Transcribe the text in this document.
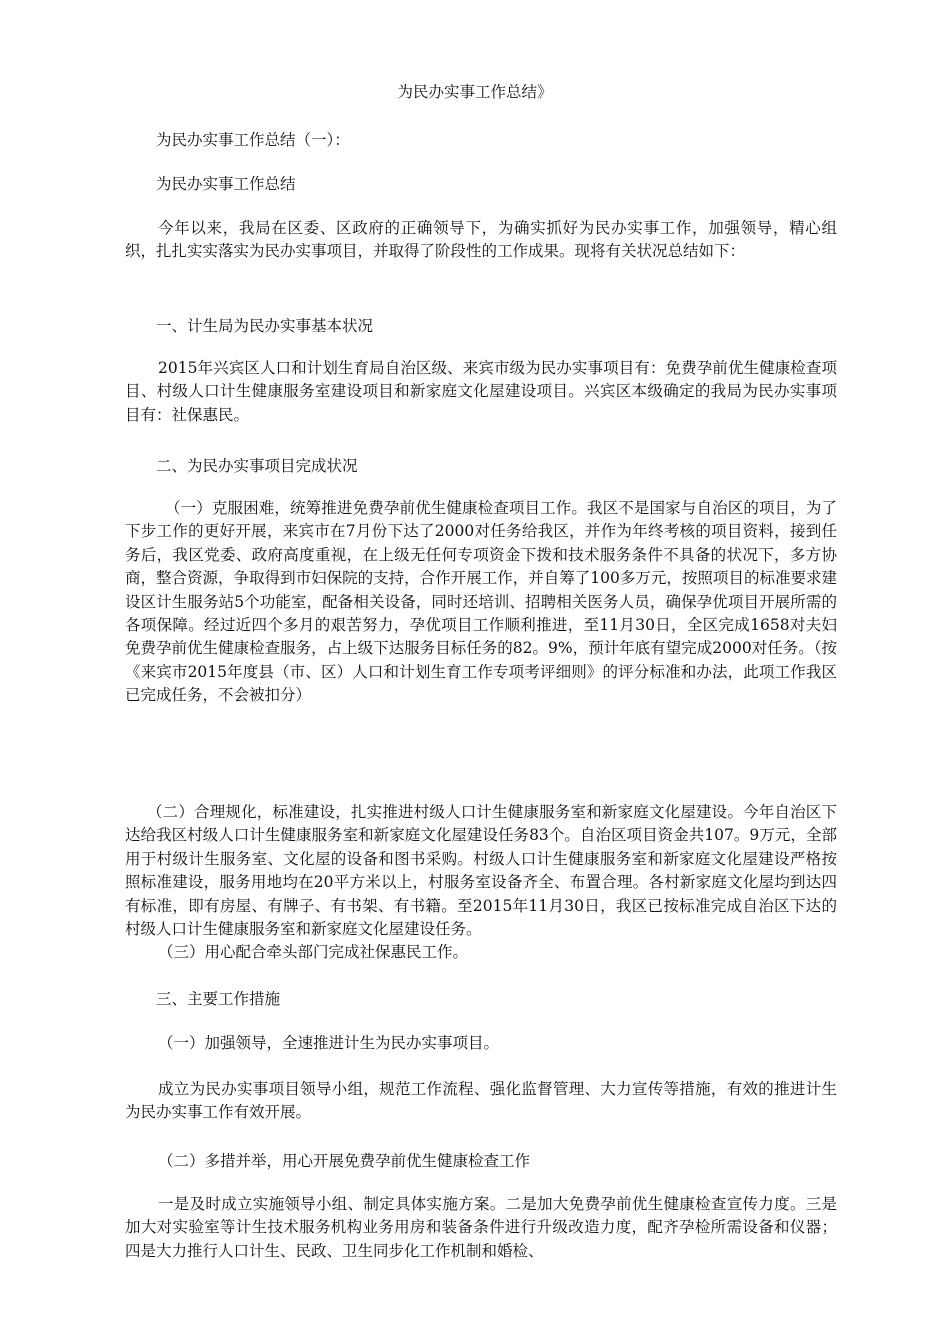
为民办实事工作总结》
为民办实事工作总结（一）：
为民办实事工作总结
今年以来，我局在区委、区政府的正确领导下，为确实抓好为民办实事工作，加强领导，精心组织，扎扎实实落实为民办实事项目，并取得了阶段性的工作成果。现将有关状况总结如下：
一、计生局为民办实事基本状况
2015年兴宾区人口和计划生育局自治区级、来宾市级为民办实事项目有：免费孕前优生健康检查项目、村级人口计生健康服务室建设项目和新家庭文化屋建设项目。兴宾区本级确定的我局为民办实事项目有：社保惠民。
二、为民办实事项目完成状况
（一）克服困难，统筹推进免费孕前优生健康检查项目工作。我区不是国家与自治区的项目，为了下步工作的更好开展，来宾市在7月份下达了2000对任务给我区，并作为年终考核的项目资料，接到任务后，我区党委、政府高度重视，在上级无任何专项资金下拨和技术服务条件不具备的状况下，多方协商，整合资源，争取得到市妇保院的支持，合作开展工作，并自筹了100多万元，按照项目的标准要求建设区计生服务站5个功能室，配备相关设备，同时还培训、招聘相关医务人员，确保孕优项目开展所需的各项保障。经过近四个多月的艰苦努力，孕优项目工作顺利推进，至11月30日，全区完成1658对夫妇免费孕前优生健康检查服务，占上级下达服务目标任务的82。9%，预计年底有望完成2000对任务。（按《来宾市2015年度县（市、区）人口和计划生育工作专项考评细则》的评分标准和办法，此项工作我区已完成任务，不会被扣分）
（二）合理规化，标准建设，扎实推进村级人口计生健康服务室和新家庭文化屋建设。今年自治区下达给我区村级人口计生健康服务室和新家庭文化屋建设任务83个。自治区项目资金共107。9万元，全部用于村级计生服务室、文化屋的设备和图书采购。村级人口计生健康服务室和新家庭文化屋建设严格按照标准建设，服务用地均在20平方米以上，村服务室设备齐全、布置合理。各村新家庭文化屋均到达四有标准，即有房屋、有牌子、有书架、有书籍。至2015年11月30日，我区已按标准完成自治区下达的村级人口计生健康服务室和新家庭文化屋建设任务。
（三）用心配合牵头部门完成社保惠民工作。
三、主要工作措施
（一）加强领导，全速推进计生为民办实事项目。
成立为民办实事项目领导小组，规范工作流程、强化监督管理、大力宣传等措施，有效的推进计生为民办实事工作有效开展。
（二）多措并举，用心开展免费孕前优生健康检查工作
一是及时成立实施领导小组、制定具体实施方案。二是加大免费孕前优生健康检查宣传力度。三是加大对实验室等计生技术服务机构业务用房和装备条件进行升级改造力度，配齐孕检所需设备和仪器；四是大力推行人口计生、民政、卫生同步化工作机制和婚检、
